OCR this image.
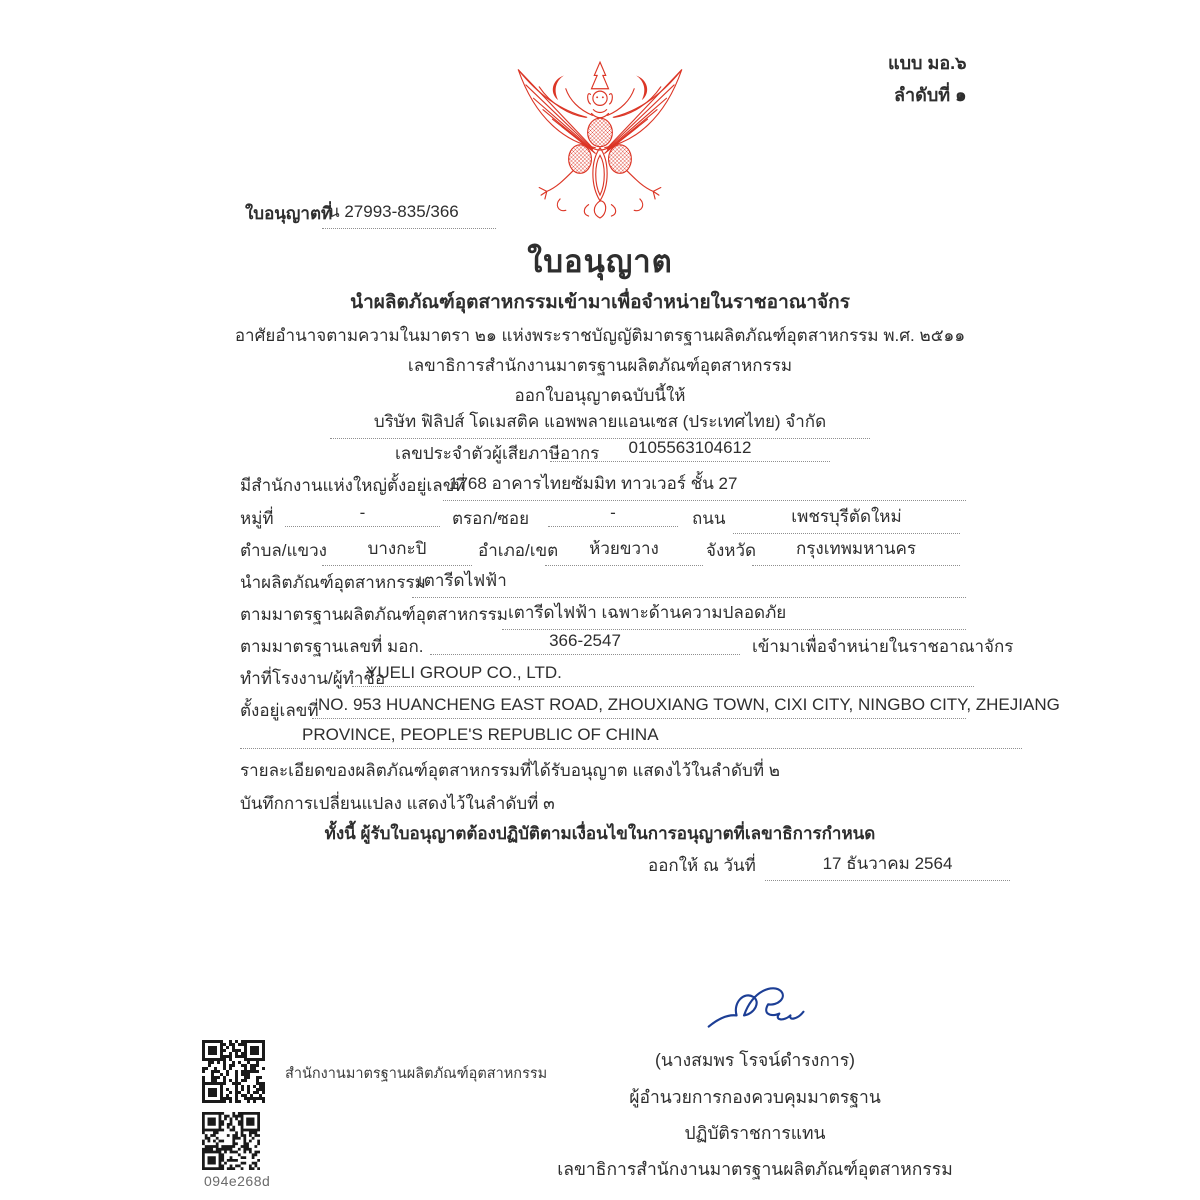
แบบ มอ.๖
ลำดับที่ ๑
ใบอนุญาตที่
น 27993-835/366
ใบอนุญาต
นำผลิตภัณฑ์อุตสาหกรรมเข้ามาเพื่อจำหน่ายในราชอาณาจักร
อาศัยอำนาจตามความในมาตรา ๒๑ แห่งพระราชบัญญัติมาตรฐานผลิตภัณฑ์อุตสาหกรรม พ.ศ. ๒๕๑๑
เลขาธิการสำนักงานมาตรฐานผลิตภัณฑ์อุตสาหกรรม
ออกใบอนุญาตฉบับนี้ให้
บริษัท ฟิลิปส์ โดเมสติค แอพพลายแอนเซส (ประเทศไทย) จำกัด
เลขประจำตัวผู้เสียภาษีอากร	0105563104612
มีสำนักงานแห่งใหญ่ตั้งอยู่เลขที่
1768 อาคารไทยซัมมิท ทาวเวอร์ ชั้น 27
หมู่ที่	-	ตรอก/ซอย	-	ถนน	เพชรบุรีตัดใหม่
ตำบล/แขวง	บางกะปิ	อำเภอ/เขต	ห้วยขวาง	จังหวัด	กรุงเทพมหานคร
นำผลิตภัณฑ์อุตสาหกรรม
เตารีดไฟฟ้า
ตามมาตรฐานผลิตภัณฑ์อุตสาหกรรม เตารีดไฟฟ้า เฉพาะด้านความปลอดภัย
ตามมาตรฐานเลขที่ มอก.	366-2547	เข้ามาเพื่อจำหน่ายในราชอาณาจักร
ทำที่โรงงาน/ผู้ทำชื่อ
YUELI GROUP CO., LTD.
ตั้งอยู่เลขที่ NO. 953 HUANCHENG EAST ROAD, ZHOUXIANG TOWN, CIXI CITY, NINGBO CITY, ZHEJIANG
PROVINCE, PEOPLE'S REPUBLIC OF CHINA
รายละเอียดของผลิตภัณฑ์อุตสาหกรรมที่ได้รับอนุญาต แสดงไว้ในลำดับที่ ๒
บันทึกการเปลี่ยนแปลง แสดงไว้ในลำดับที่ ๓
ทั้งนี้ ผู้รับใบอนุญาตต้องปฏิบัติตามเงื่อนไขในการอนุญาตที่เลขาธิการกำหนด
ออกให้ ณ วันที่	17 ธันวาคม 2564
(นางสมพร โรจน์ดำรงการ)
ผู้อำนวยการกองควบคุมมาตรฐาน
ปฏิบัติราชการแทน
เลขาธิการสำนักงานมาตรฐานผลิตภัณฑ์อุตสาหกรรม
สำนักงานมาตรฐานผลิตภัณฑ์อุตสาหกรรม
094e268d
